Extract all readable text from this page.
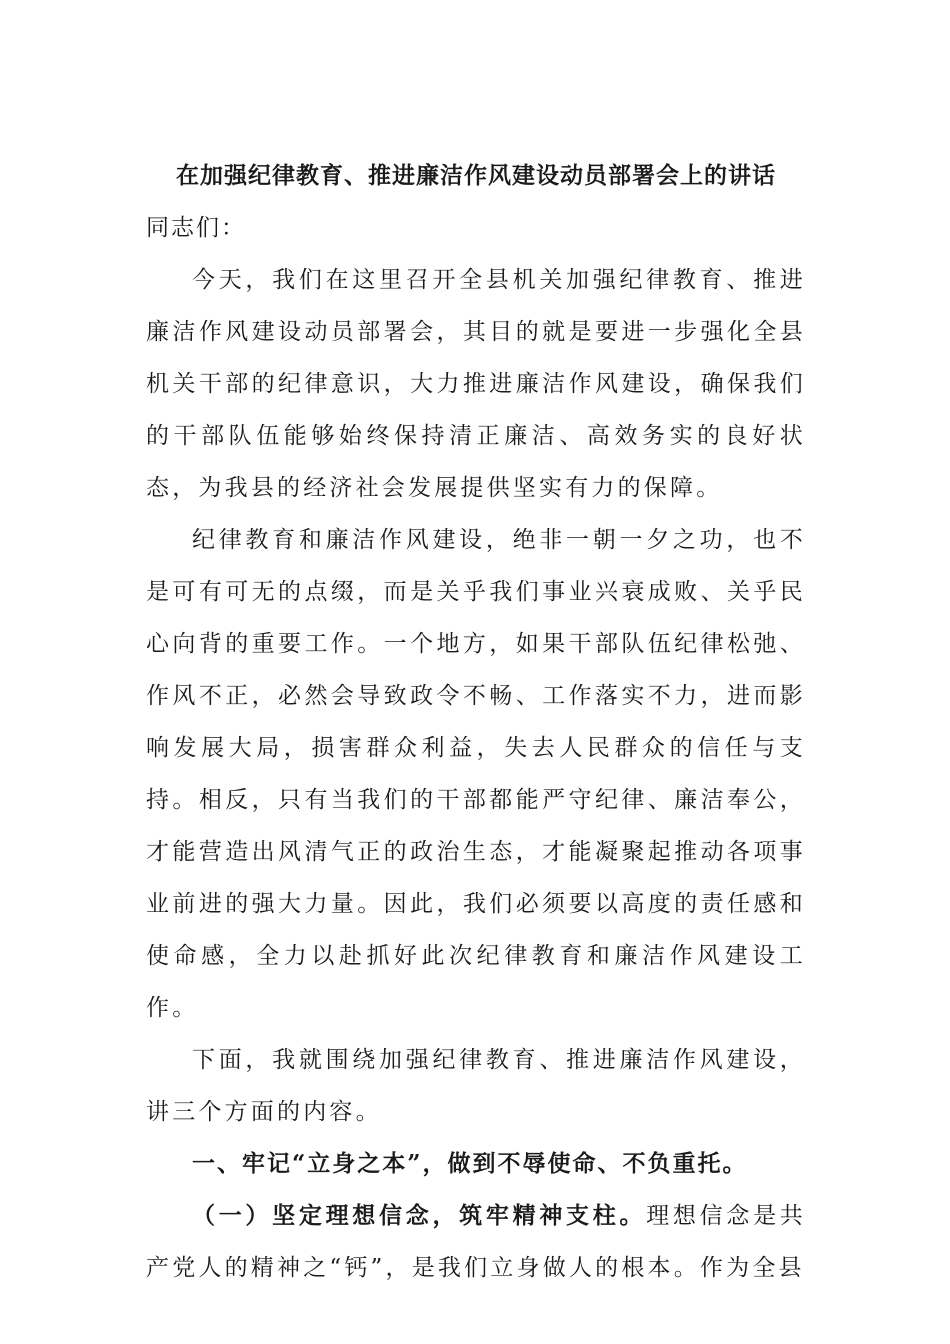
在加强纪律教育、推进廉洁作风建设动员部署会上的讲话

同志们：

今天，我们在这里召开全县机关加强纪律教育、推进廉洁作风建设动员部署会，其目的就是要进一步强化全县机关干部的纪律意识，大力推进廉洁作风建设，确保我们的干部队伍能够始终保持清正廉洁、高效务实的良好状态，为我县的经济社会发展提供坚实有力的保障。

纪律教育和廉洁作风建设，绝非一朝一夕之功，也不是可有可无的点缀，而是关乎我们事业兴衰成败、关乎民心向背的重要工作。一个地方，如果干部队伍纪律松弛、作风不正，必然会导致政令不畅、工作落实不力，进而影响发展大局，损害群众利益，失去人民群众的信任与支持。相反，只有当我们的干部都能严守纪律、廉洁奉公，才能营造出风清气正的政治生态，才能凝聚起推动各项事业前进的强大力量。因此，我们必须要以高度的责任感和使命感，全力以赴抓好此次纪律教育和廉洁作风建设工作。

下面，我就围绕加强纪律教育、推进廉洁作风建设，讲三个方面的内容。

一、牢记“立身之本”，做到不辱使命、不负重托。

（一）坚定理想信念，筑牢精神支柱。理想信念是共产党人的精神之“钙”，是我们立身做人的根本。作为全县
